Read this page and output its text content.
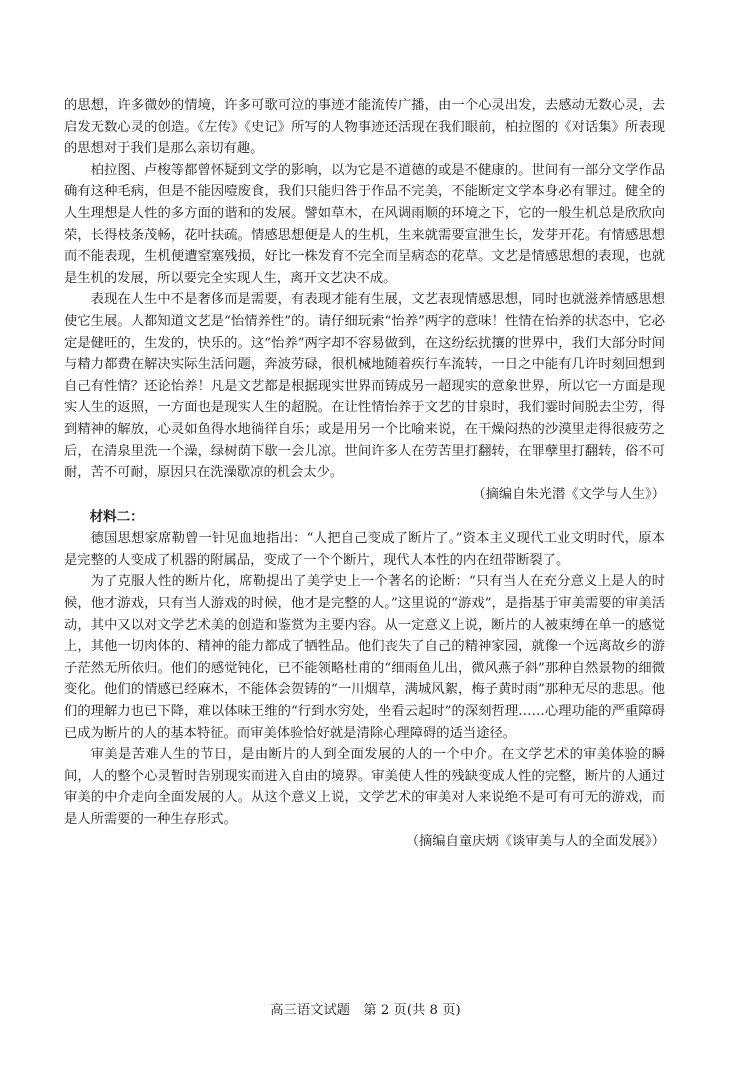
的思想，许多微妙的情境，许多可歌可泣的事迹才能流传广播，由一个心灵出发，去感动无数心灵，去启发无数心灵的创造。《左传》《史记》所写的人物事迹还活现在我们眼前，柏拉图的《对话集》所表现的思想对于我们是那么亲切有趣。

柏拉图、卢梭等都曾怀疑到文学的影响，以为它是不道德的或是不健康的。世间有一部分文学作品确有这种毛病，但是不能因噎废食，我们只能归咎于作品不完美，不能断定文学本身必有罪过。健全的人生理想是人性的多方面的谐和的发展。譬如草木，在风调雨顺的环境之下，它的一般生机总是欣欣向荣，长得枝条茂畅，花叶扶疏。情感思想便是人的生机，生来就需要宣泄生长，发芽开花。有情感思想而不能表现，生机便遭窒塞残损，好比一株发育不完全而呈病态的花草。文艺是情感思想的表现，也就是生机的发展，所以要完全实现人生，离开文艺决不成。

表现在人生中不是奢侈而是需要，有表现才能有生展，文艺表现情感思想，同时也就滋养情感思想使它生展。人都知道文艺是“怡情养性”的。请仔细玩索“怡养”两字的意味！性情在怡养的状态中，它必定是健旺的，生发的，快乐的。这“怡养”两字却不容易做到，在这纷纭扰攘的世界中，我们大部分时间与精力都费在解决实际生活问题，奔波劳碌，很机械地随着疾行车流转，一日之中能有几许时刻回想到自己有性情？还论怡养！凡是文艺都是根据现实世界而铸成另一超现实的意象世界，所以它一方面是现实人生的返照，一方面也是现实人生的超脱。在让性情怡养于文艺的甘泉时，我们霎时间脱去尘劳，得到精神的解放，心灵如鱼得水地徜徉自乐；或是用另一个比喻来说，在干燥闷热的沙漠里走得很疲劳之后，在清泉里洗一个澡，绿树荫下歇一会儿凉。世间许多人在劳苦里打翻转，在罪孽里打翻转，俗不可耐，苦不可耐，原因只在洗澡歇凉的机会太少。

（摘编自朱光潜《文学与人生》）

材料二：

德国思想家席勒曾一针见血地指出：“人把自己变成了断片了。”资本主义现代工业文明时代，原本是完整的人变成了机器的附属品，变成了一个个断片，现代人本性的内在纽带断裂了。

为了克服人性的断片化，席勒提出了美学史上一个著名的论断：“只有当人在充分意义上是人的时候，他才游戏，只有当人游戏的时候，他才是完整的人。”这里说的“游戏”，是指基于审美需要的审美活动，其中又以对文学艺术美的创造和鉴赏为主要内容。从一定意义上说，断片的人被束缚在单一的感觉上，其他一切肉体的、精神的能力都成了牺牲品。他们丧失了自己的精神家园，就像一个远离故乡的游子茫然无所依归。他们的感觉钝化，已不能领略杜甫的“细雨鱼儿出，微风燕子斜”那种自然景物的细微变化。他们的情感已经麻木，不能体会贺铸的“一川烟草，满城风絮，梅子黄时雨”那种无尽的悲思。他们的理解力也已下降，难以体味王维的“行到水穷处，坐看云起时”的深刻哲理……心理功能的严重障碍已成为断片的人的基本特征。而审美体验恰好就是清除心理障碍的适当途径。

审美是苦难人生的节日，是由断片的人到全面发展的人的一个中介。在文学艺术的审美体验的瞬间，人的整个心灵暂时告别现实而进入自由的境界。审美使人性的残缺变成人性的完整，断片的人通过审美的中介走向全面发展的人。从这个意义上说，文学艺术的审美对人来说绝不是可有可无的游戏，而是人所需要的一种生存形式。

（摘编自童庆炳《谈审美与人的全面发展》）

高三语文试题　第 2 页(共 8 页)
